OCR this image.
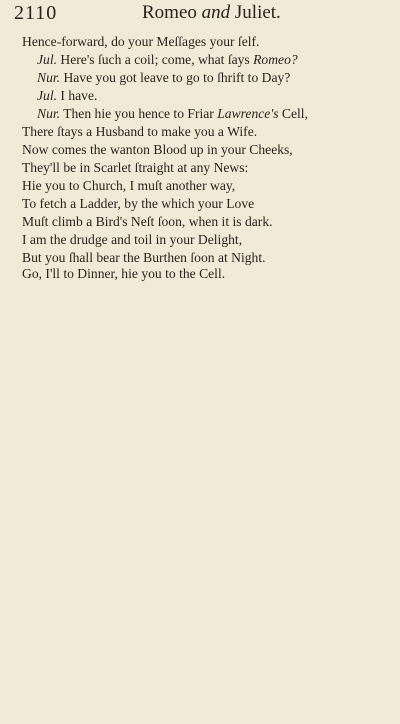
2110	Romeo and Juliet.
Hence-forward, do your Meſſages your ſelf.
Jul. Here's ſuch a coil; come, what ſays Romeo?
Nur. Have you got leave to go to ſhrift to Day?
Jul. I have.
Nur. Then hie you hence to Friar Lawrence's Cell,
There ſtays a Husband to make you a Wife.
Now comes the wanton Blood up in your Cheeks,
They'll be in Scarlet ſtraight at any News:
Hie you to Church, I muſt another way,
To fetch a Ladder, by the which your Love
Muſt climb a Bird's Neſt ſoon, when it is dark.
I am the drudge and toil in your Delight,
But you ſhall bear the Burthen ſoon at Night.
Go, I'll to Dinner, hie you to the Cell.
